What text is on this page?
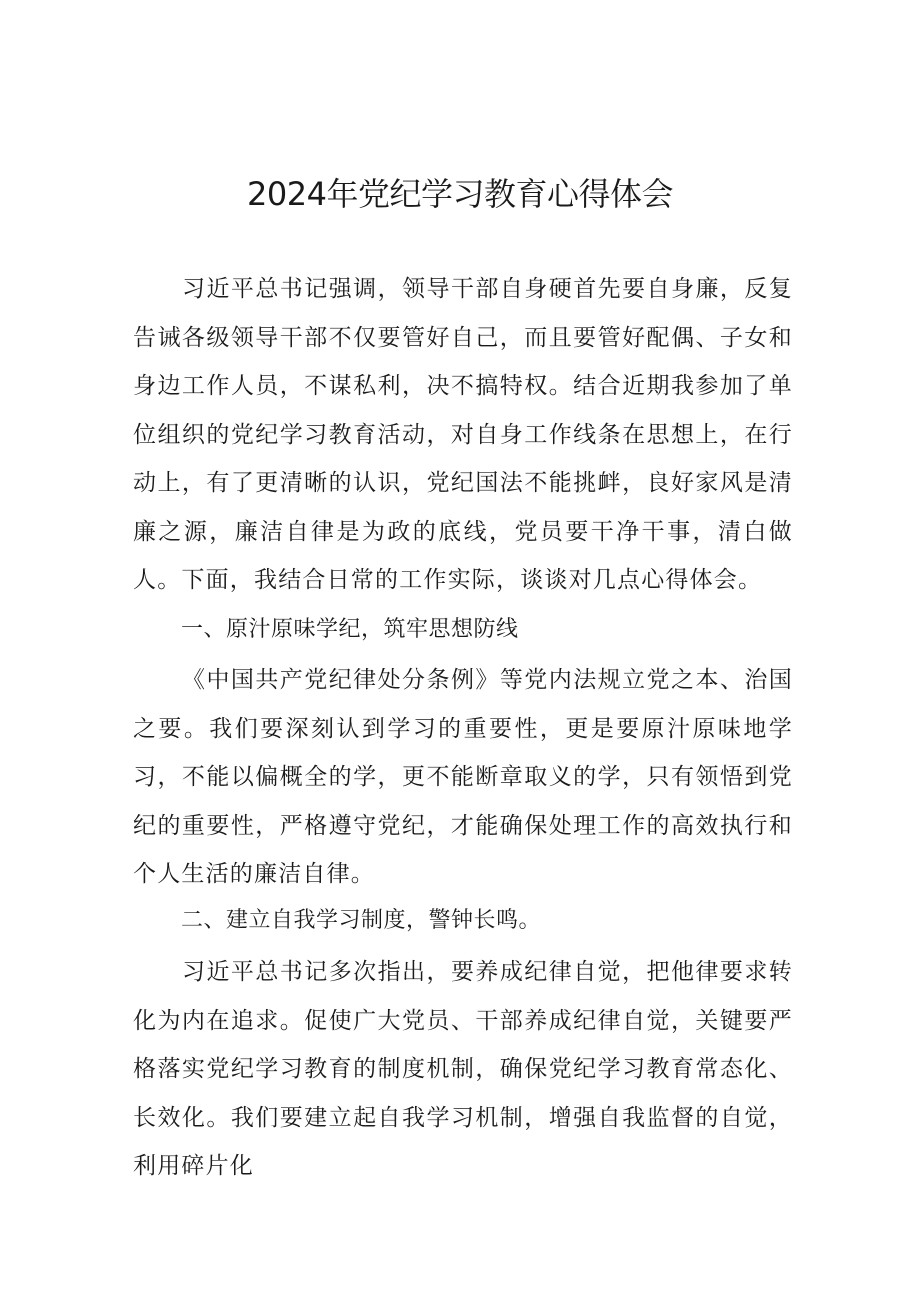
2024年党纪学习教育心得体会

习近平总书记强调，领导干部自身硬首先要自身廉，反复告诫各级领导干部不仅要管好自己，而且要管好配偶、子女和身边工作人员，不谋私利，决不搞特权。结合近期我参加了单位组织的党纪学习教育活动，对自身工作线条在思想上，在行动上，有了更清晰的认识，党纪国法不能挑衅，良好家风是清廉之源，廉洁自律是为政的底线，党员要干净干事，清白做人。下面，我结合日常的工作实际，谈谈对几点心得体会。

一、原汁原味学纪，筑牢思想防线

《中国共产党纪律处分条例》等党内法规立党之本、治国之要。我们要深刻认到学习的重要性，更是要原汁原味地学习，不能以偏概全的学，更不能断章取义的学，只有领悟到党纪的重要性，严格遵守党纪，才能确保处理工作的高效执行和个人生活的廉洁自律。

二、建立自我学习制度，警钟长鸣。

习近平总书记多次指出，要养成纪律自觉，把他律要求转化为内在追求。促使广大党员、干部养成纪律自觉，关键要严格落实党纪学习教育的制度机制，确保党纪学习教育常态化、长效化。我们要建立起自我学习机制，增强自我监督的自觉，利用碎片化
